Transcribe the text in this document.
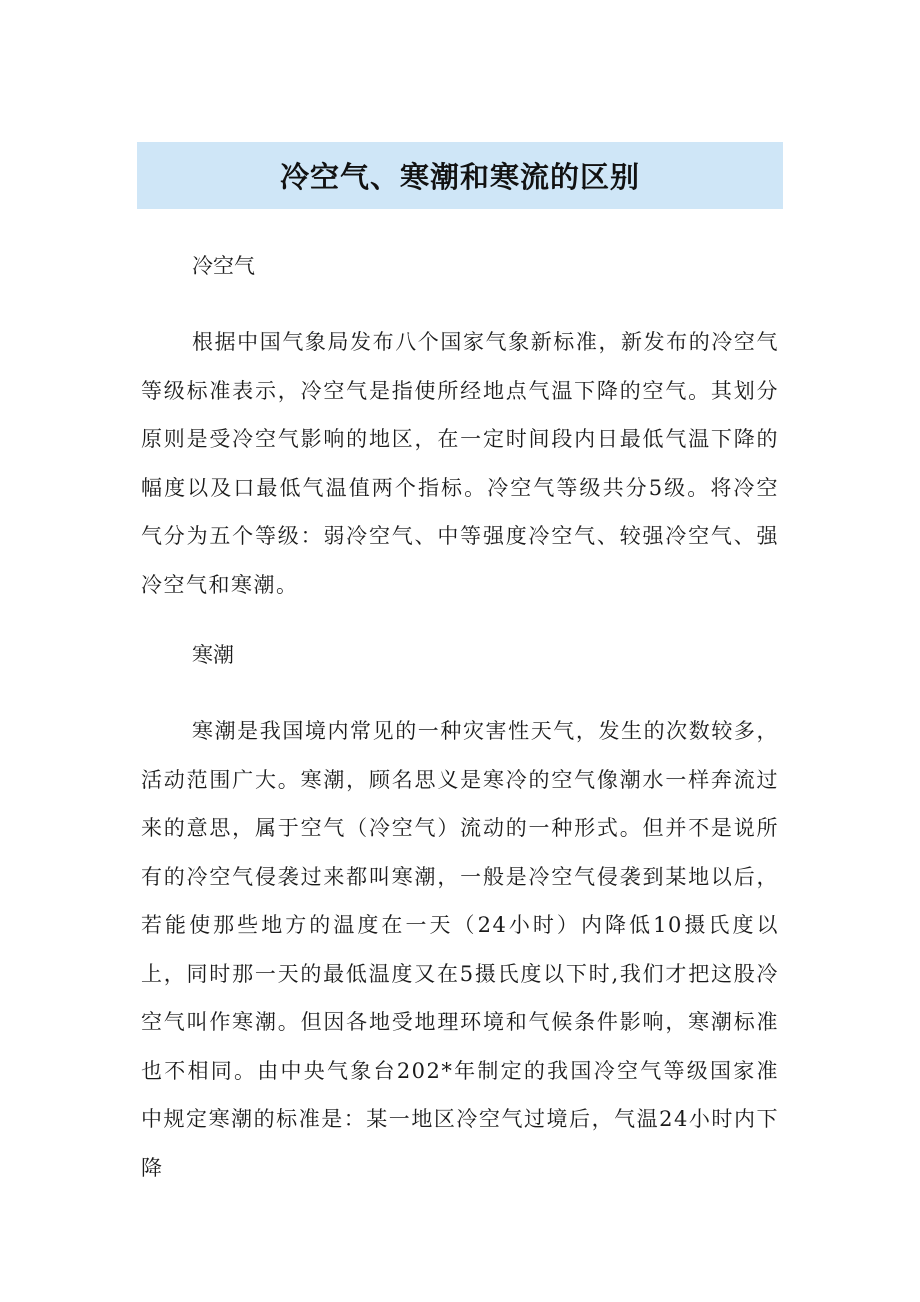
冷空气、寒潮和寒流的区别

冷空气

根据中国气象局发布八个国家气象新标准，新发布的冷空气等级标准表示，冷空气是指使所经地点气温下降的空气。其划分原则是受冷空气影响的地区，在一定时间段内日最低气温下降的幅度以及口最低气温值两个指标。冷空气等级共分5级。将冷空气分为五个等级：弱冷空气、中等强度冷空气、较强冷空气、强冷空气和寒潮。

寒潮

寒潮是我国境内常见的一种灾害性天气，发生的次数较多，活动范围广大。寒潮，顾名思义是寒冷的空气像潮水一样奔流过来的意思，属于空气（冷空气）流动的一种形式。但并不是说所有的冷空气侵袭过来都叫寒潮，一般是冷空气侵袭到某地以后，若能使那些地方的温度在一天（24小时）内降低10摄氏度以上，同时那一天的最低温度又在5摄氏度以下时,我们才把这股冷空气叫作寒潮。但因各地受地理环境和气候条件影响，寒潮标准也不相同。由中央气象台202*年制定的我国冷空气等级国家准中规定寒潮的标准是：某一地区冷空气过境后，气温24小时内下降
